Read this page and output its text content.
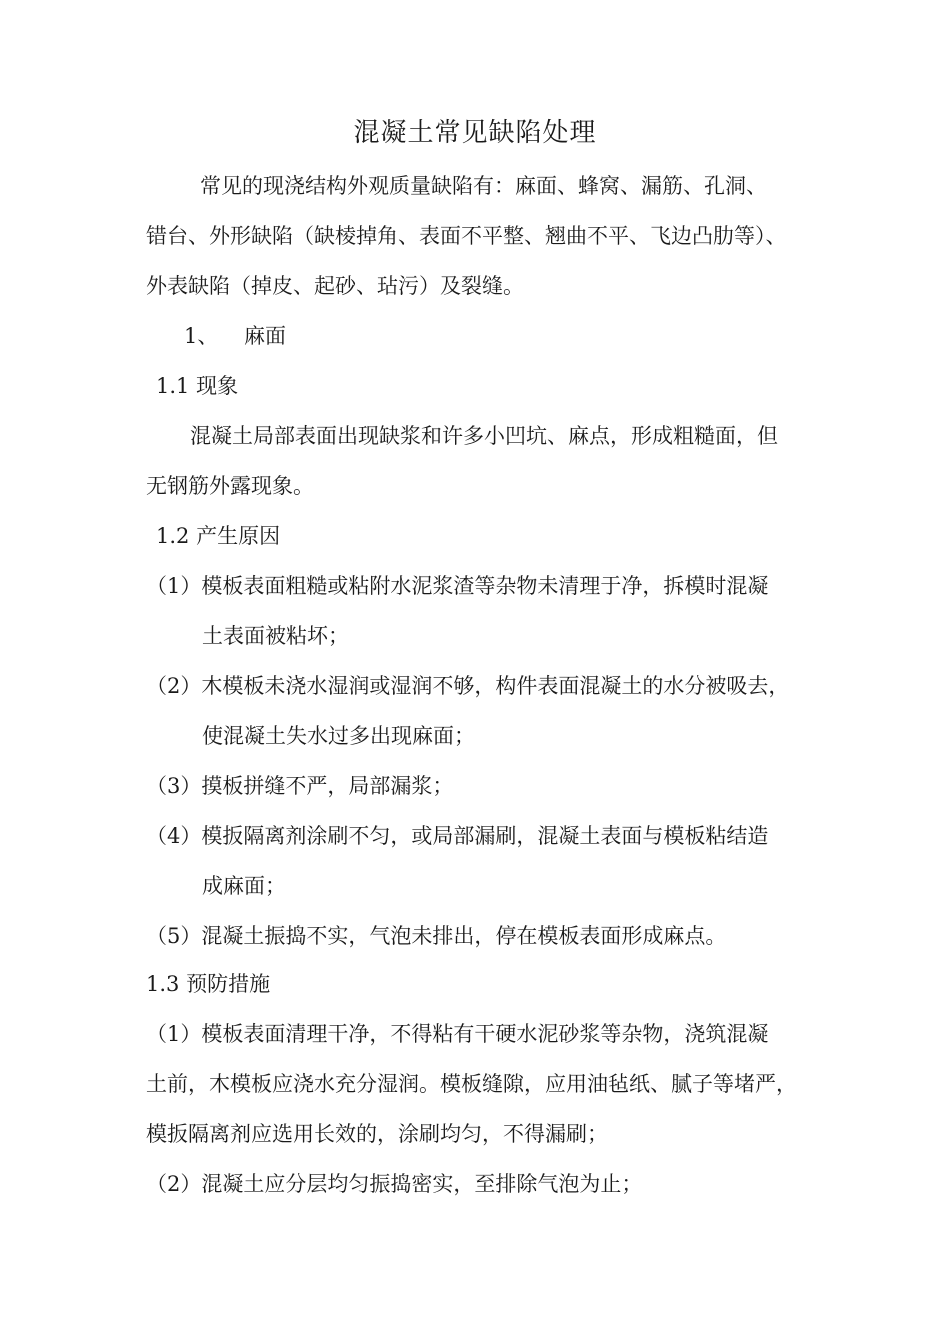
混凝土常见缺陷处理
常见的现浇结构外观质量缺陷有：麻面、蜂窝、漏筋、孔洞、
错台、外形缺陷（缺棱掉角、表面不平整、翘曲不平、飞边凸肋等）、
外表缺陷（掉皮、起砂、玷污）及裂缝。
1、 麻面
1.1 现象
混凝土局部表面出现缺浆和许多小凹坑、麻点，形成粗糙面，但
无钢筋外露现象。
1.2 产生原因
（1）模板表面粗糙或粘附水泥浆渣等杂物未清理于净，拆模时混凝
土表面被粘坏；
（2）木模板未浇水湿润或湿润不够，构件表面混凝土的水分被吸去，
使混凝土失水过多出现麻面；
（3）摸板拼缝不严，局部漏浆；
（4）模扳隔离剂涂刷不匀，或局部漏刷，混凝土表面与模板粘结造
成麻面；
（5）混凝土振捣不实，气泡未排出，停在模板表面形成麻点。
1.3 预防措施
（1）模板表面清理干净，不得粘有干硬水泥砂浆等杂物，浇筑混凝
土前，木模板应浇水充分湿润。模板缝隙，应用油毡纸、腻子等堵严，
模扳隔离剂应选用长效的，涂刷均匀，不得漏刷；
（2）混凝土应分层均匀振捣密实，至排除气泡为止；
